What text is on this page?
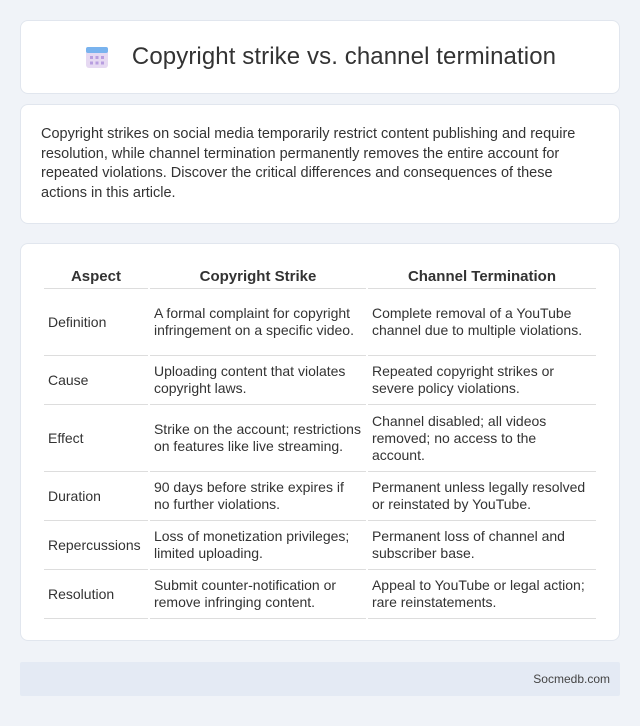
Copyright strike vs. channel termination

Copyright strikes on social media temporarily restrict content publishing and require resolution, while channel termination permanently removes the entire account for repeated violations. Discover the critical differences and consequences of these actions in this article.

Aspect	Copyright Strike	Channel Termination
Definition	A formal complaint for copyright infringement on a specific video.	Complete removal of a YouTube channel due to multiple violations.
Cause	Uploading content that violates copyright laws.	Repeated copyright strikes or severe policy violations.
Effect	Strike on the account; restrictions on features like live streaming.	Channel disabled; all videos removed; no access to the account.
Duration	90 days before strike expires if no further violations.	Permanent unless legally resolved or reinstated by YouTube.
Repercussions	Loss of monetization privileges; limited uploading.	Permanent loss of channel and subscriber base.
Resolution	Submit counter-notification or remove infringing content.	Appeal to YouTube or legal action; rare reinstatements.
Socmedb.com
